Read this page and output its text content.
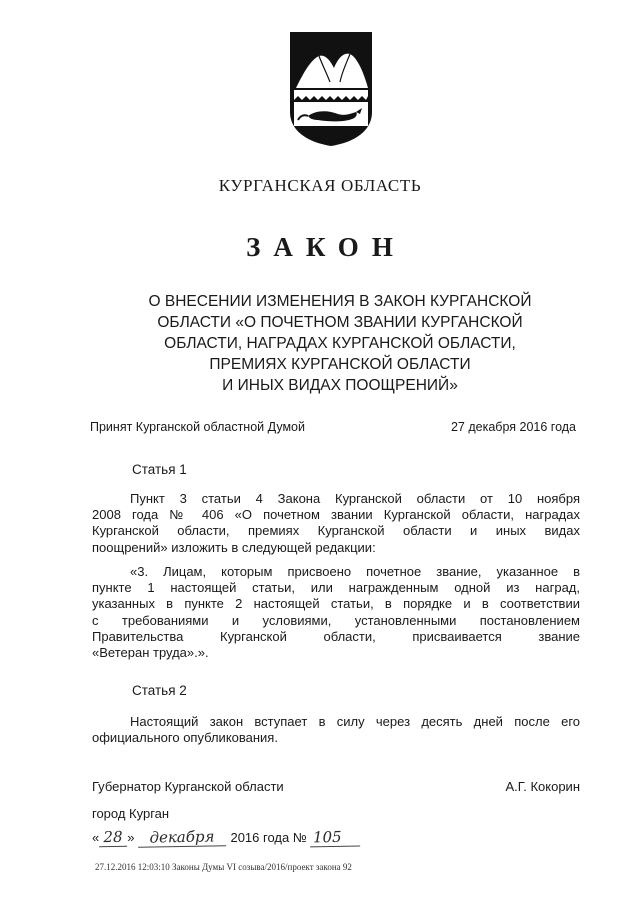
КУРГАНСКАЯ ОБЛАСТЬ
ЗАКОН
О ВНЕСЕНИИ ИЗМЕНЕНИЯ В ЗАКОН КУРГАНСКОЙ
ОБЛАСТИ «О ПОЧЕТНОМ ЗВАНИИ КУРГАНСКОЙ
ОБЛАСТИ, НАГРАДАХ КУРГАНСКОЙ ОБЛАСТИ,
ПРЕМИЯХ КУРГАНСКОЙ ОБЛАСТИ
И ИНЫХ ВИДАХ ПООЩРЕНИЙ»
Принят Курганской областной Думой	27 декабря 2016 года
Статья 1
Пункт 3 статьи 4 Закона Курганской области от 10 ноября
2008 года № 406 «О почетном звании Курганской области, наградах
Курганской области, премиях Курганской области и иных видах
поощрений» изложить в следующей редакции:
«3. Лицам, которым присвоено почетное звание, указанное в
пункте 1 настоящей статьи, или награжденным одной из наград,
указанных в пункте 2 настоящей статьи, в порядке и в соответствии
с требованиями и условиями, установленными постановлением
Правительства Курганской области, присваивается звание
«Ветеран труда».».
Статья 2
Настоящий закон вступает в силу через десять дней после его
официального опубликования.
Губернатор Курганской области	А.Г. Кокорин
город Курган
« 28 »	декабря	2016 года № 105
27.12.2016 12:03:10 Законы Думы VI созыва/2016/проект закона 92
